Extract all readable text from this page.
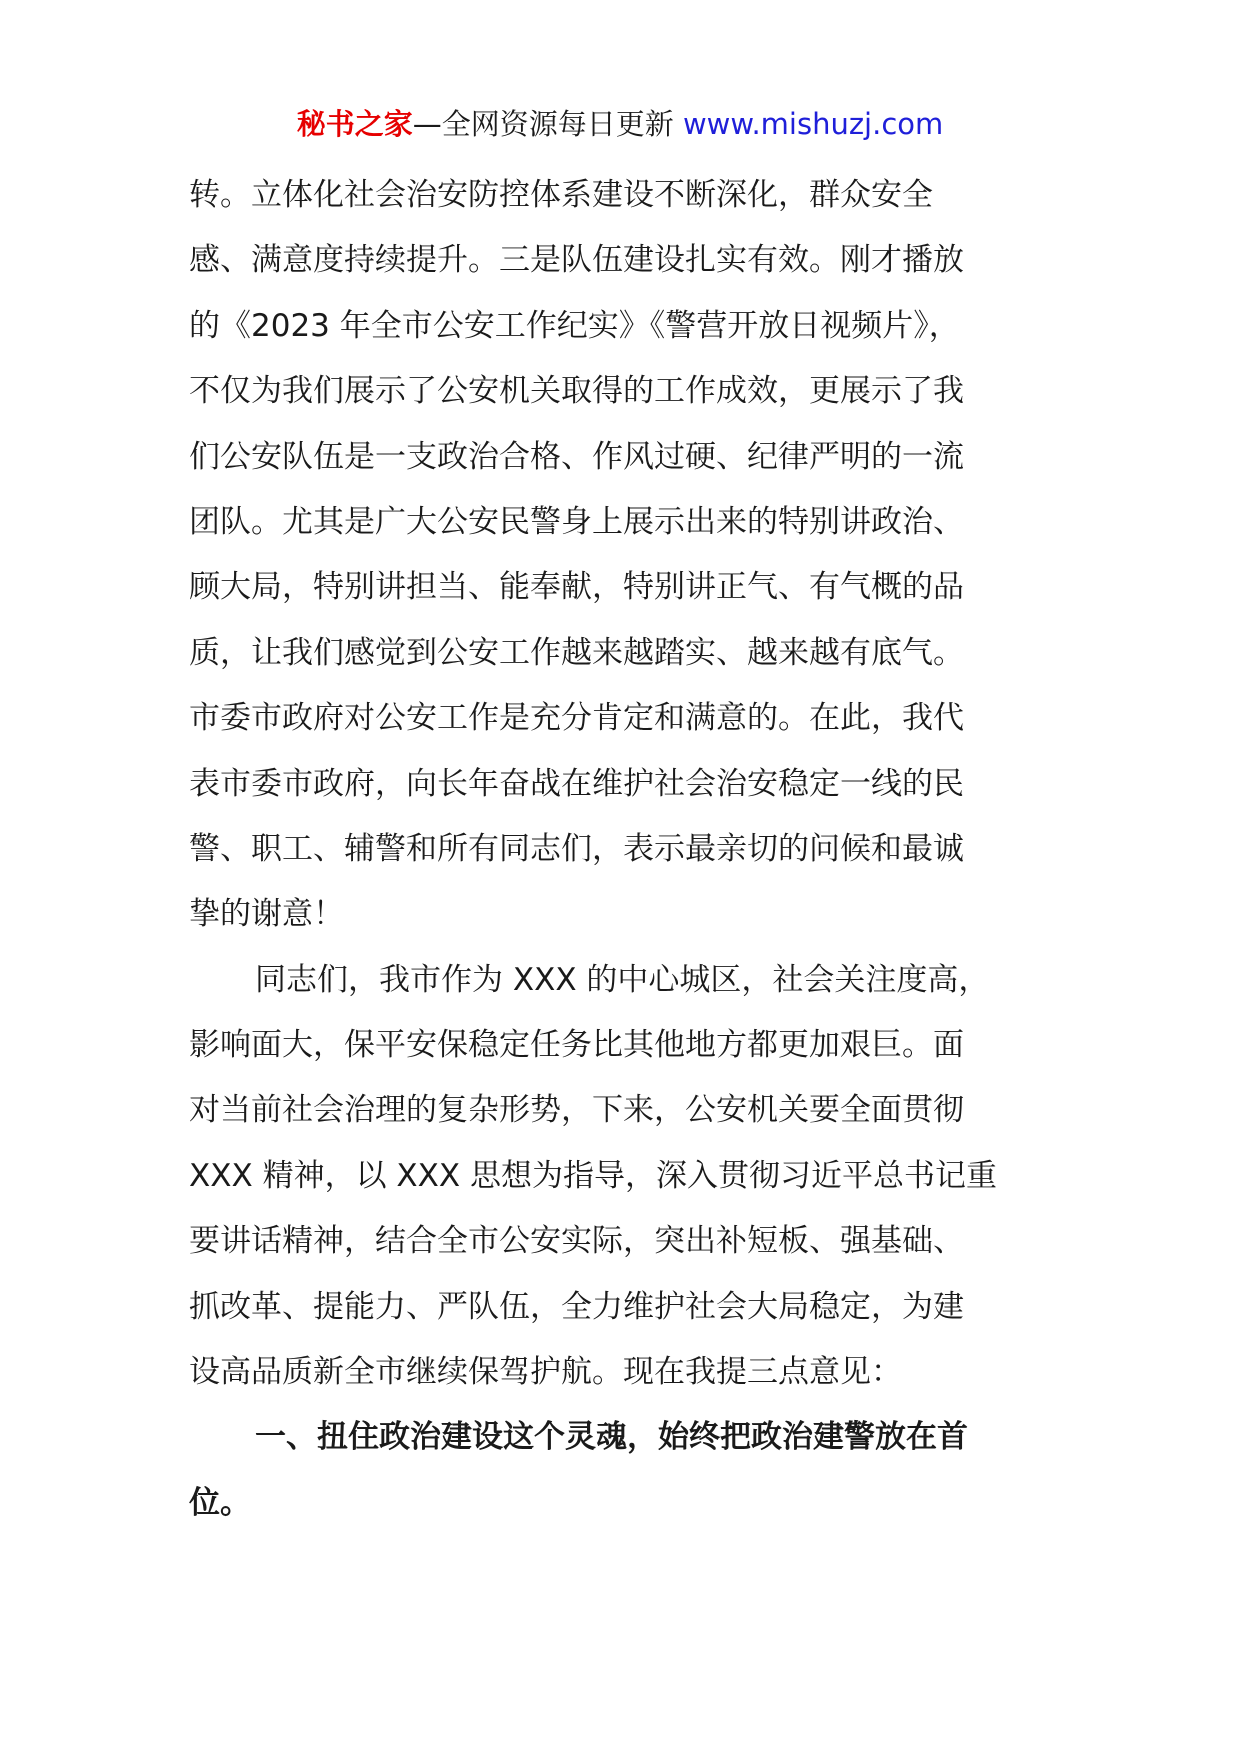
秘书之家—全网资源每日更新 www.mishuzj.com
转。立体化社会治安防控体系建设不断深化，群众安全
感、满意度持续提升。三是队伍建设扎实有效。刚才播放
的《2023 年全市公安工作纪实》《警营开放日视频片》，
不仅为我们展示了公安机关取得的工作成效，更展示了我
们公安队伍是一支政治合格、作风过硬、纪律严明的一流
团队。尤其是广大公安民警身上展示出来的特别讲政治、
顾大局，特别讲担当、能奉献，特别讲正气、有气概的品
质，让我们感觉到公安工作越来越踏实、越来越有底气。
市委市政府对公安工作是充分肯定和满意的。在此，我代
表市委市政府，向长年奋战在维护社会治安稳定一线的民
警、职工、辅警和所有同志们，表示最亲切的问候和最诚
挚的谢意！
同志们，我市作为 XXX 的中心城区，社会关注度高，
影响面大，保平安保稳定任务比其他地方都更加艰巨。面
对当前社会治理的复杂形势，下来，公安机关要全面贯彻
XXX 精神，以 XXX 思想为指导，深入贯彻习近平总书记重
要讲话精神，结合全市公安实际，突出补短板、强基础、
抓改革、提能力、严队伍，全力维护社会大局稳定，为建
设高品质新全市继续保驾护航。现在我提三点意见：
一、扭住政治建设这个灵魂，始终把政治建警放在首
位。
